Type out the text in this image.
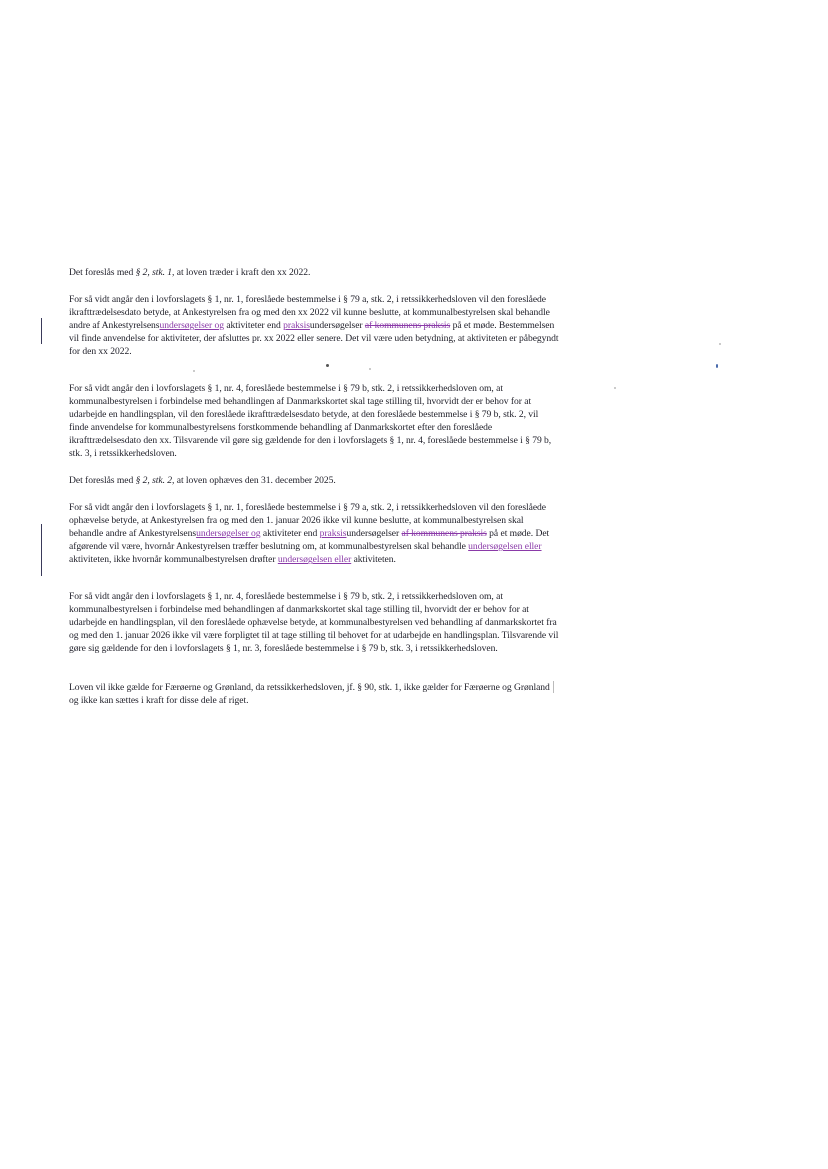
Det foreslås med § 2, stk. 1, at loven træder i kraft den xx 2022.

For så vidt angår den i lovforslagets § 1, nr. 1, foreslåede bestemmelse i § 79 a, stk. 2, i retssikkerhedsloven vil den foreslåede ikrafttrædelsesdato betyde, at Ankestyrelsen fra og med den xx 2022 vil kunne beslutte, at kommunalbestyrelsen skal behandle andre af Ankestyrelsensundersøgelser og aktiviteter end praksisundersøgelser af kommunens praksis på et møde. Bestemmelsen vil finde anvendelse for aktiviteter, der afsluttes pr. xx 2022 eller senere. Det vil være uden betydning, at aktiviteten er påbegyndt for den xx 2022.

For så vidt angår den i lovforslagets § 1, nr. 4, foreslåede bestemmelse i § 79 b, stk. 2, i retssikkerhedsloven om, at kommunalbestyrelsen i forbindelse med behandlingen af Danmarkskortet skal tage stilling til, hvorvidt der er behov for at udarbejde en handlingsplan, vil den foreslåede ikrafttrædelsesdato betyde, at den foreslåede bestemmelse i § 79 b, stk. 2, vil finde anvendelse for kommunalbestyrelsens forstkommende behandling af Danmarkskortet efter den foreslåede ikrafttrædelsesdato den xx. Tilsvarende vil gøre sig gældende for den i lovforslagets § 1, nr. 4, foreslåede bestemmelse i § 79 b, stk. 3, i retssikkerhedsloven.

Det foreslås med § 2, stk. 2, at loven ophæves den 31. december 2025.

For så vidt angår den i lovforslagets § 1, nr. 1, foreslåede bestemmelse i § 79 a, stk. 2, i retssikkerhedsloven vil den foreslåede ophævelse betyde, at Ankestyrelsen fra og med den 1. januar 2026 ikke vil kunne beslutte, at kommunalbestyrelsen skal behandle andre af Ankestyrelsensundersøgelser og aktiviteter end praksisundersøgelser af kommunens praksis på et møde. Det afgørende vil være, hvornår Ankestyrelsen træffer beslutning om, at kommunalbestyrelsen skal behandle undersøgelsen eller aktiviteten, ikke hvornår kommunalbestyrelsen drøfter undersøgelsen eller aktiviteten.

For så vidt angår den i lovforslagets § 1, nr. 4, foreslåede bestemmelse i § 79 b, stk. 2, i retssikkerhedsloven om, at kommunalbestyrelsen i forbindelse med behandlingen af danmarkskortet skal tage stilling til, hvorvidt der er behov for at udarbejde en handlingsplan, vil den foreslåede ophævelse betyde, at kommunalbestyrelsen ved behandling af danmarkskortet fra og med den 1. januar 2026 ikke vil være forpligtet til at tage stilling til behovet for at udarbejde en handlingsplan. Tilsvarende vil gøre sig gældende for den i lovforslagets § 1, nr. 3, foreslåede bestemmelse i § 79 b, stk. 3, i retssikkerhedsloven.

Loven vil ikke gælde for Færøerne og Grønland, da retssikkerhedsloven, jf. § 90, stk. 1, ikke gælder for Færøerne og Grønland og ikke kan sættes i kraft for disse dele af riget.
